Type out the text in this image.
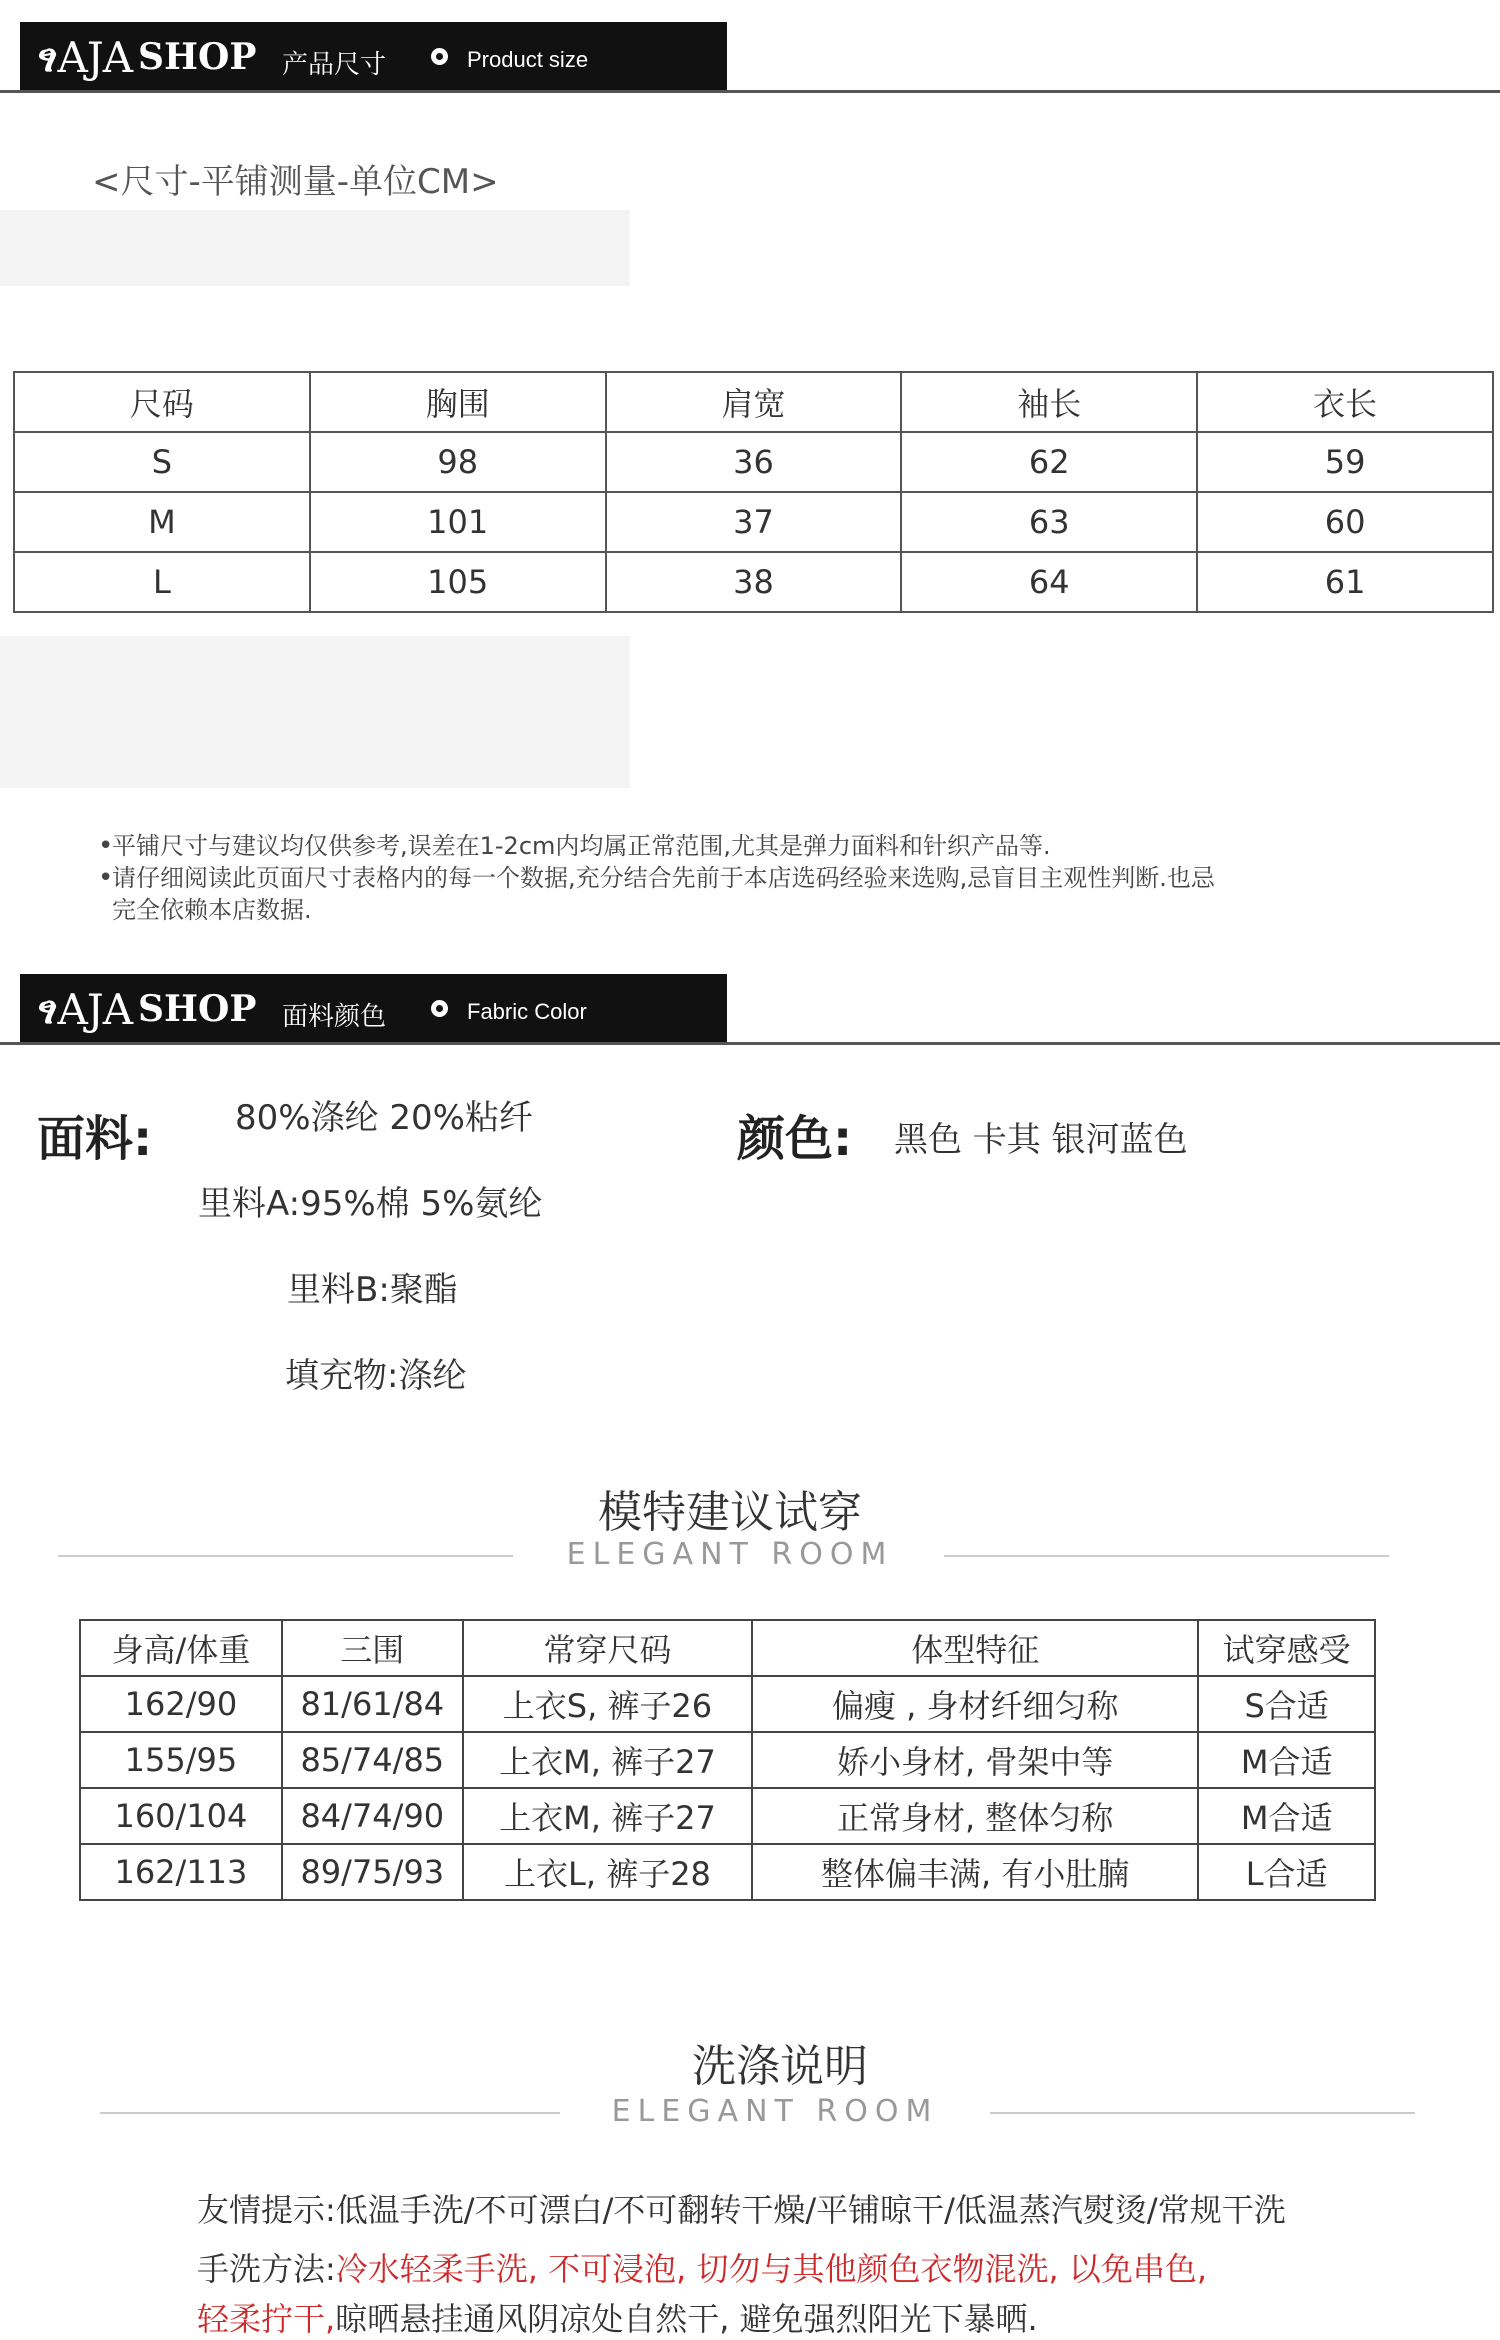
ፃ AJA SHOP 产品尺寸	Product size
<尺寸-平铺测量-单位CM>
尺码	胸围	肩宽	袖长	衣长
S	98	36	62	59
M	101	37	63	60
L	105	38	64	61
•
平铺尺寸与建议均仅供参考,误差在1-2cm内均属正常范围,尤其是弹力面料和针织产品等.
•
请仔细阅读此页面尺寸表格内的每一个数据,充分结合先前于本店选码经验来选购,忌盲目主观性判断.也忌
完全依赖本店数据.
ፃ AJA SHOP 面料颜色	Fabric Color
面料: 80%涤纶 20%粘纤
里料A:95%棉 5%氨纶
里料B:聚酯
填充物:涤纶
颜色: 黑色 卡其 银河蓝色
模特建议试穿
ELEGANT ROOM
身高/体重	三围	常穿尺码	体型特征	试穿感受
162/90	81/61/84	上衣S, 裤子26	偏瘦 , 身材纤细匀称	S合适
155/95	85/74/85	上衣M, 裤子27	娇小身材, 骨架中等	M合适
160/104	84/74/90	上衣M, 裤子27	正常身材, 整体匀称	M合适
162/113	89/75/93	上衣L, 裤子28	整体偏丰满, 有小肚腩	L合适
洗涤说明
ELEGANT ROOM
友情提示:低温手洗/不可漂白/不可翻转干燥/平铺晾干/低温蒸汽熨烫/常规干洗
手洗方法:冷水轻柔手洗, 不可浸泡, 切勿与其他颜色衣物混洗, 以免串色,
轻柔拧干,晾晒悬挂通风阴凉处自然干, 避免强烈阳光下暴晒.
